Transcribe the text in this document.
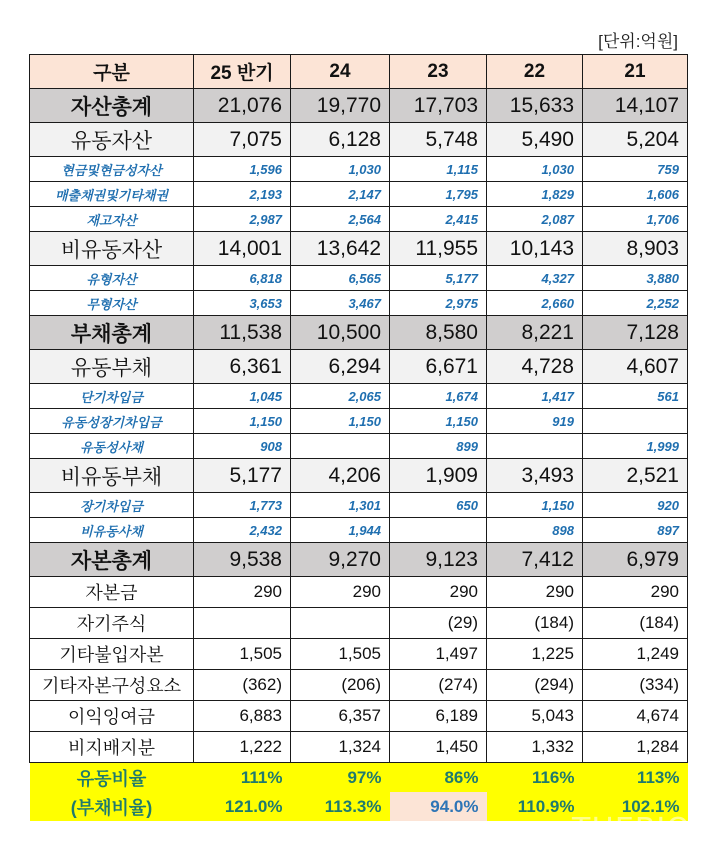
[단위:억원]
구분	25 반기	24	23	22	21
자산총계	21,076	19,770	17,703	15,633	14,107
유동자산	7,075	6,128	5,748	5,490	5,204
현금및현금성자산	1,596	1,030	1,115	1,030	759
매출채권및기타채권	2,193	2,147	1,795	1,829	1,606
재고자산	2,987	2,564	2,415	2,087	1,706
비유동자산	14,001	13,642	11,955	10,143	8,903
유형자산	6,818	6,565	5,177	4,327	3,880
무형자산	3,653	3,467	2,975	2,660	2,252
부채총계	11,538	10,500	8,580	8,221	7,128
유동부채	6,361	6,294	6,671	4,728	4,607
단기차입금	1,045	2,065	1,674	1,417	561
유동성장기차입금	1,150	1,150	1,150	919	
유동성사채	908		899		1,999
비유동부채	5,177	4,206	1,909	3,493	2,521
장기차입금	1,773	1,301	650	1,150	920
비유동사채	2,432	1,944		898	897
자본총계	9,538	9,270	9,123	7,412	6,979
자본금	290	290	290	290	290
자기주식			(29)	(184)	(184)
기타불입자본	1,505	1,505	1,497	1,225	1,249
기타자본구성요소	(362)	(206)	(274)	(294)	(334)
이익잉여금	6,883	6,357	6,189	5,043	4,674
비지배지분	1,222	1,324	1,450	1,332	1,284
유동비율	111%	97%	86%	116%	113%
(부채비율)	121.0%	113.3%	94.0%	110.9%	102.1%
THEBIO
